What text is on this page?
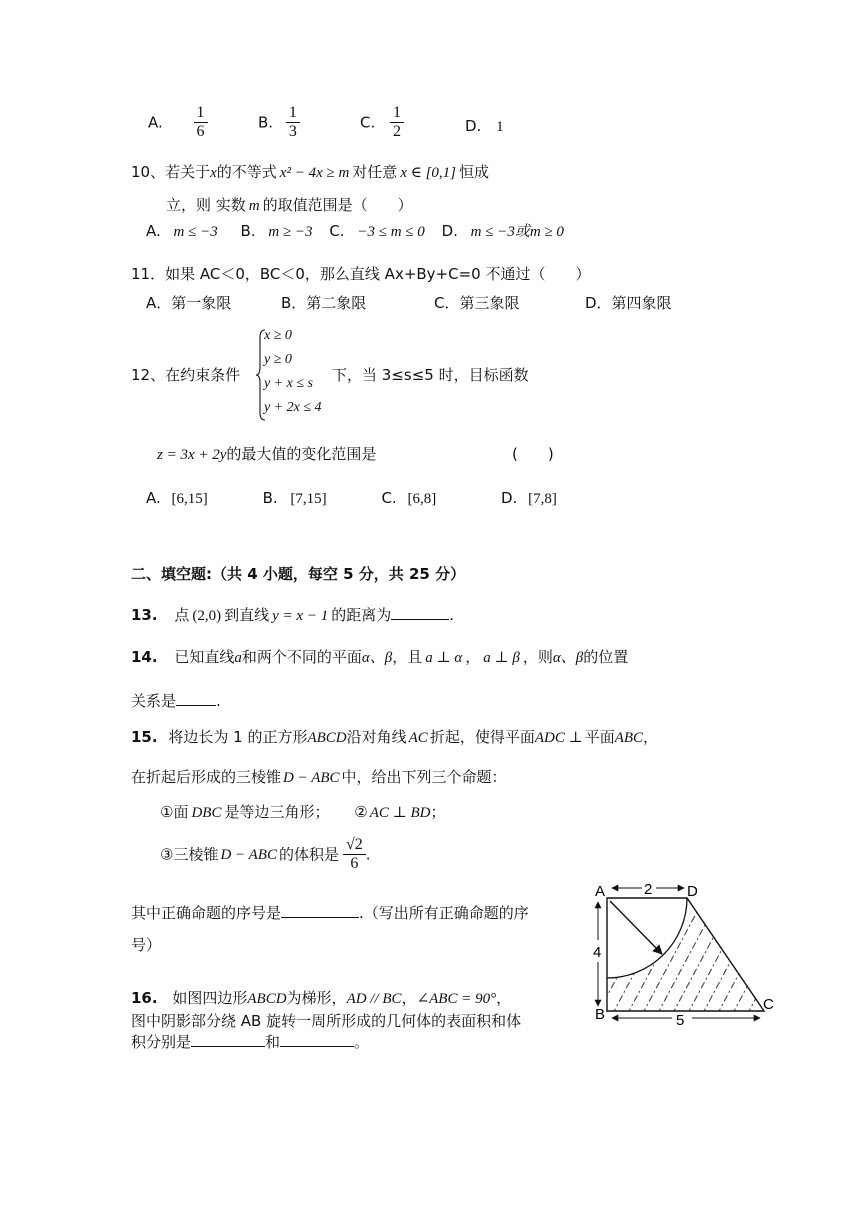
A. $\frac{1}{6}$	B. $\frac{1}{3}$	C. $\frac{1}{2}$	D. 1
10、若关于x的不等式 x² − 4x ≥ m 对任意 x ∈ [0,1] 恒成
立，则 实数 m 的取值范围是（　　）
A. m ≤ −3 B. m ≥ −3 C. −3 ≤ m ≤ 0 D. m ≤ −3或m ≥ 0
11．如果 AC＜0，BC＜0，那么直线 Ax+By+C=0 不通过（　　）
A．第一象限	B．第二象限	C．第三象限	D．第四象限
12、在约束条件
x ≥ 0
y ≥ 0
y + x ≤ s
y + 2x ≤ 4
下，当 3≤s≤5 时，目标函数
z = 3x + 2y的最大值的变化范围是	(　　)
A. [6,15]	B. [7,15]	C. [6,8]	D. [7,8]
二、填空题:（共 4 小题，每空 5 分，共 25 分）
13. 点 (2,0) 到直线 y = x − 1 的距离为	.
14. 已知直线a和两个不同的平面α、β，且 a ⊥ α ， a ⊥ β ，则α、β的位置
关系是	.
15. 将边长为 1 的正方形ABCD沿对角线 AC 折起，使得平面ADC ⊥ 平面ABC，
在折起后形成的三棱锥 D − ABC 中，给出下列三个命题：
①面 DBC 是等边三角形； ② AC ⊥ BD；
③三棱锥 D − ABC 的体积是 $\frac{√2}{6}$ .
其中正确命题的序号是	.（写出所有正确命题的序
号）
16. 如图四边形ABCD为梯形，AD // BC，∠ABC = 90°，
图中阴影部分绕 AB 旋转一周所形成的几何体的表面积和体
积分别是	和	。
A	D
B
C
2
4
5
